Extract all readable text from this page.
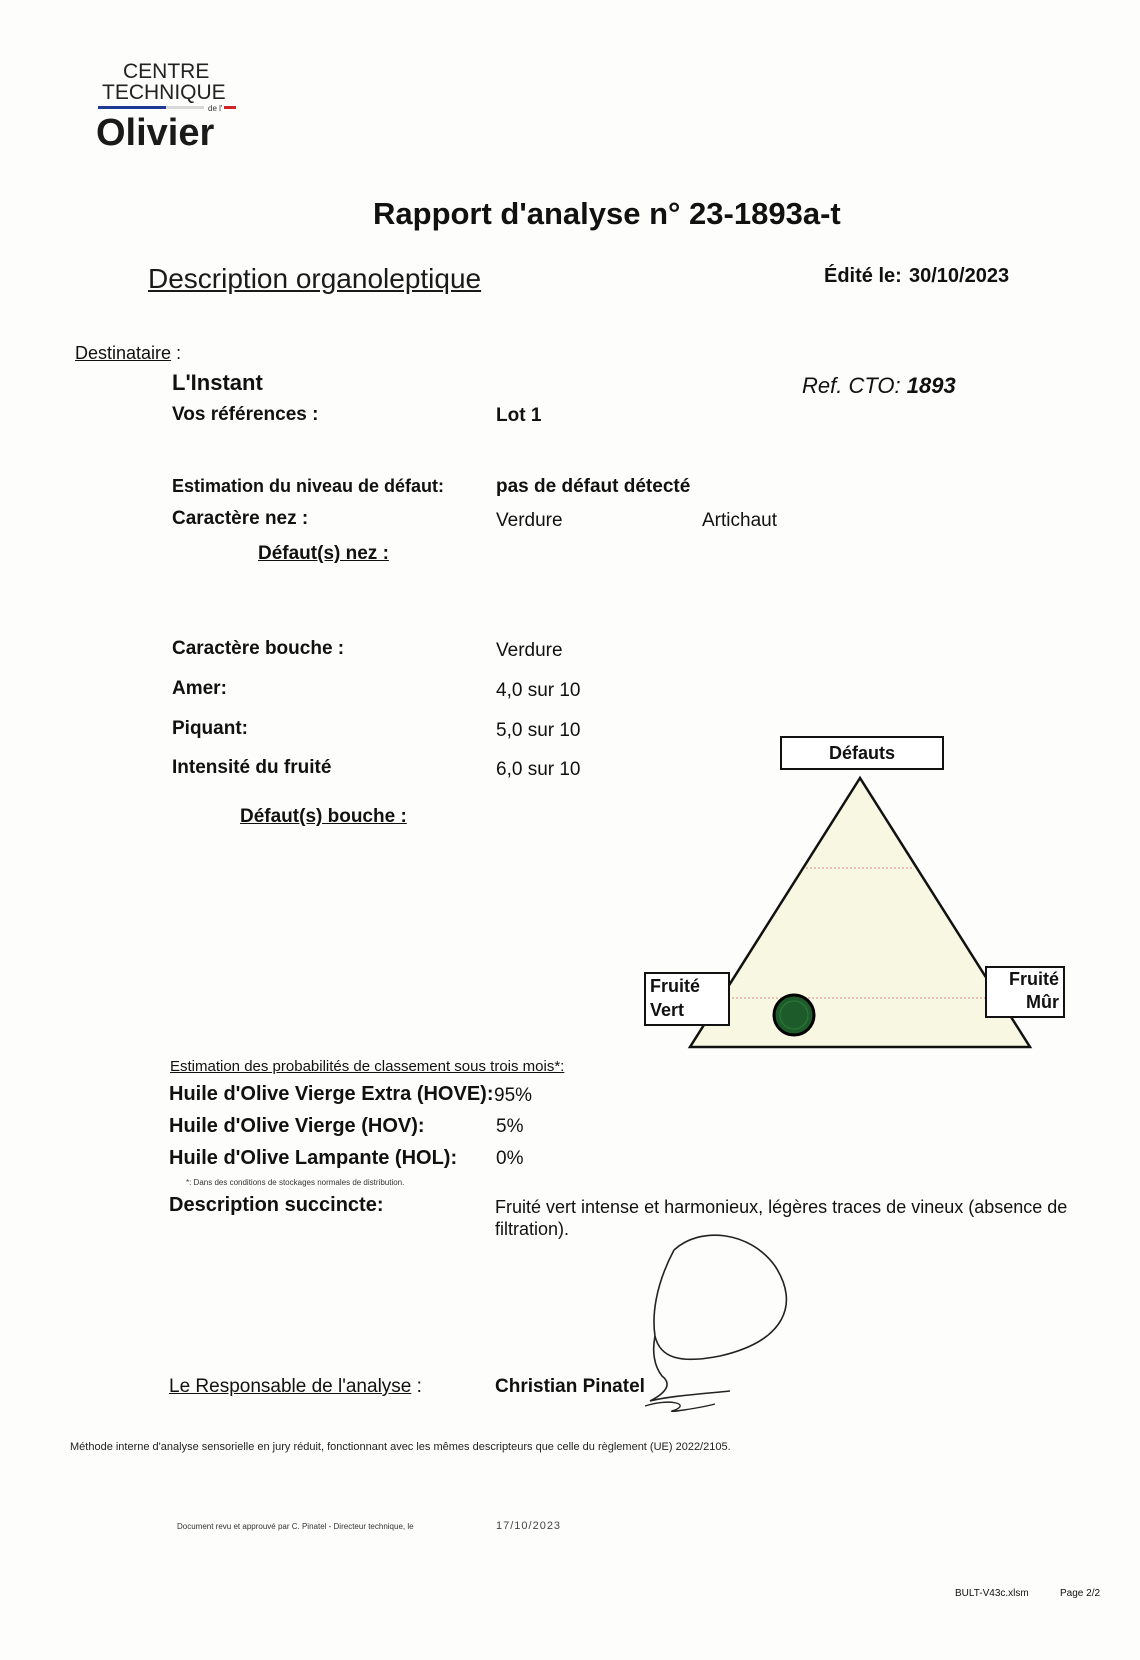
CENTRE
TECHNIQUE
de l'
Olivier
Rapport d'analyse n° 23-1893a-t
Description organoleptique	Édité le: 30/10/2023
Destinataire :
L'Instant	Ref. CTO: 1893
Vos références :	Lot 1
Estimation du niveau de défaut:	pas de défaut détecté
Caractère nez :	Verdure	Artichaut
Défaut(s) nez :
Caractère bouche :	Verdure
Amer:	4,0 sur 10
Piquant:	5,0 sur 10
Intensité du fruité	6,0 sur 10
Défaut(s) bouche :
Défauts
Fruité
Vert
Fruité
Mûr
Estimation des probabilités de classement sous trois mois*:
Huile d'Olive Vierge Extra (HOVE): 95%
Huile d'Olive Vierge (HOV):	5%
Huile d'Olive Lampante (HOL): 0%
*: Dans des conditions de stockages normales de distribution.
Description succincte:	Fruité vert intense et harmonieux, légères traces de vineux (absence de
filtration).
Le Responsable de l'analyse :	Christian Pinatel
Méthode interne d'analyse sensorielle en jury réduit, fonctionnant avec les mêmes descripteurs que celle du règlement (UE) 2022/2105.
Document revu et approuvé par C. Pinatel - Directeur technique, le	17/10/2023
BULT-V43c.xlsm	Page 2/2
